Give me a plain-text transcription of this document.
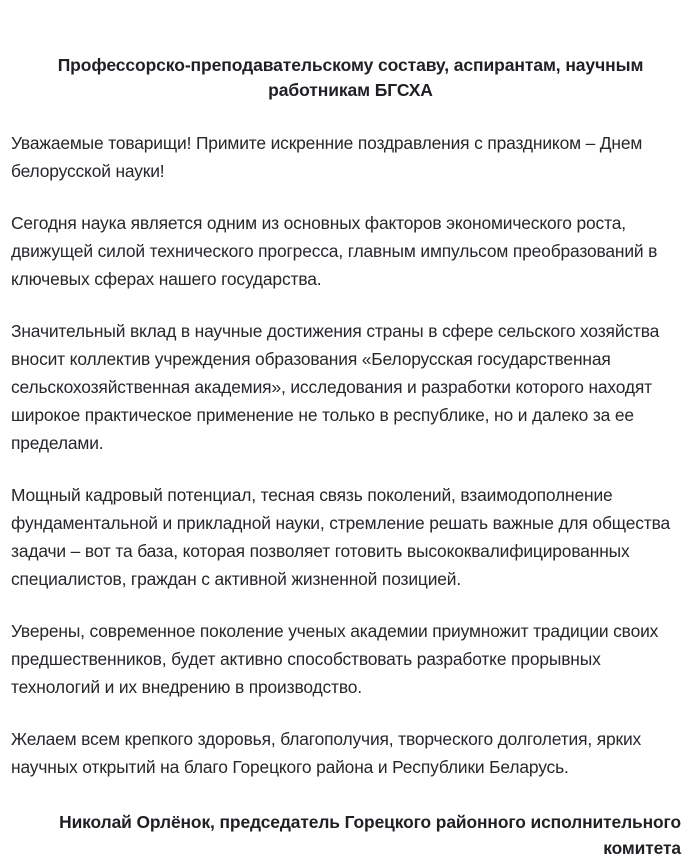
Профессорско-преподавательскому составу, аспирантам, научным работникам БГСХА

Уважаемые товарищи! Примите искренние поздравления с праздником – Днем белорусской науки!

Сегодня наука является одним из основных факторов экономического роста, движущей силой технического прогресса, главным импульсом преобразований в ключевых сферах нашего государства.

Значительный вклад в научные достижения страны в сфере сельского хозяйства вносит коллектив учреждения образования «Белорусская государственная сельскохозяйственная академия», исследования и разработки которого находят широкое практическое применение не только в республике, но и далеко за ее пределами.

Мощный кадровый потенциал, тесная связь поколений, взаимодополнение фундаментальной и прикладной науки, стремление решать важные для общества задачи – вот та база, которая позволяет готовить высококвалифицированных специалистов, граждан с активной жизненной позицией.

Уверены, современное поколение ученых академии приумножит традиции своих предшественников, будет активно способствовать разработке прорывных технологий и их внедрению в производство.

Желаем всем крепкого здоровья, благополучия, творческого долголетия, ярких научных открытий на благо Горецкого района и Республики Беларусь.

Николай Орлёнок, председатель Горецкого районного исполнительного комитета
